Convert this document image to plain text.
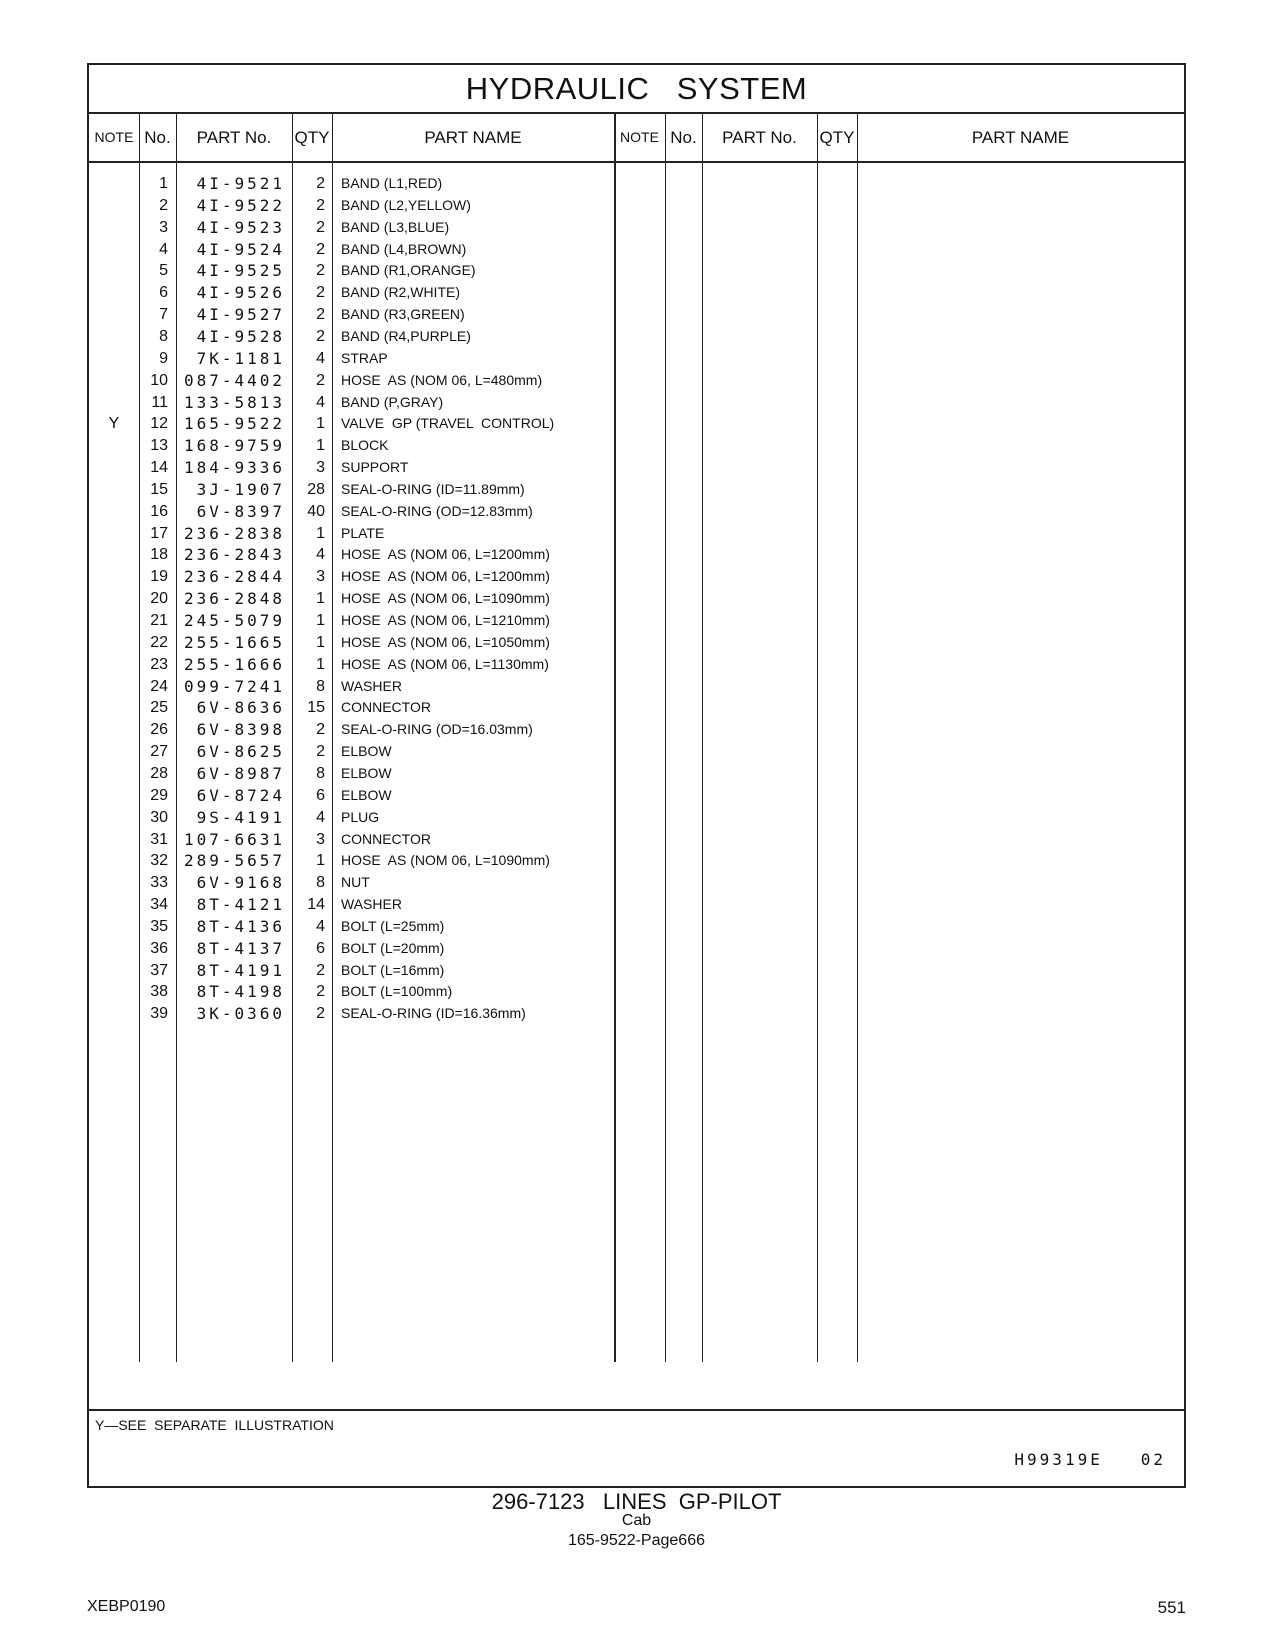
HYDRAULIC   SYSTEM
NOTE No.	PART No.	QTY	PART NAME	NOTE No.	PART No.	QTY	PART NAME
1	4I-9521	2 BAND (L1,RED)
2	4I-9522	2 BAND (L2,YELLOW)
3	4I-9523	2 BAND (L3,BLUE)
4	4I-9524	2 BAND (L4,BROWN)
5	4I-9525	2 BAND (R1,ORANGE)
6	4I-9526	2 BAND (R2,WHITE)
7	4I-9527	2 BAND (R3,GREEN)
8	4I-9528	2 BAND (R4,PURPLE)
9	7K-1181	4 STRAP
10 087-4402	2 HOSE  AS (NOM 06, L=480mm)
11 133-5813	4 BAND (P,GRAY)
Y	12 165-9522	1 VALVE  GP (TRAVEL  CONTROL)
13 168-9759	1 BLOCK
14 184-9336	3 SUPPORT
15	3J-1907	28 SEAL-O-RING (ID=11.89mm)
16	6V-8397	40 SEAL-O-RING (OD=12.83mm)
17 236-2838	1 PLATE
18 236-2843	4 HOSE  AS (NOM 06, L=1200mm)
19 236-2844	3 HOSE  AS (NOM 06, L=1200mm)
20 236-2848	1 HOSE  AS (NOM 06, L=1090mm)
21 245-5079	1 HOSE  AS (NOM 06, L=1210mm)
22 255-1665	1 HOSE  AS (NOM 06, L=1050mm)
23 255-1666	1 HOSE  AS (NOM 06, L=1130mm)
24 099-7241	8 WASHER
25	6V-8636	15 CONNECTOR
26	6V-8398	2 SEAL-O-RING (OD=16.03mm)
27	6V-8625	2 ELBOW
28	6V-8987	8 ELBOW
29	6V-8724	6 ELBOW
30	9S-4191	4 PLUG
31 107-6631	3 CONNECTOR
32 289-5657	1 HOSE  AS (NOM 06, L=1090mm)
33	6V-9168	8 NUT
34	8T-4121	14 WASHER
35	8T-4136	4 BOLT (L=25mm)
36	8T-4137	6 BOLT (L=20mm)
37	8T-4191	2 BOLT (L=16mm)
38	8T-4198	2 BOLT (L=100mm)
39	3K-0360	2 SEAL-O-RING (ID=16.36mm)
Y—SEE  SEPARATE  ILLUSTRATION
H99319E   02
296-7123   LINES  GP-PILOT
Cab
165-9522-Page666
XEBP0190	551
